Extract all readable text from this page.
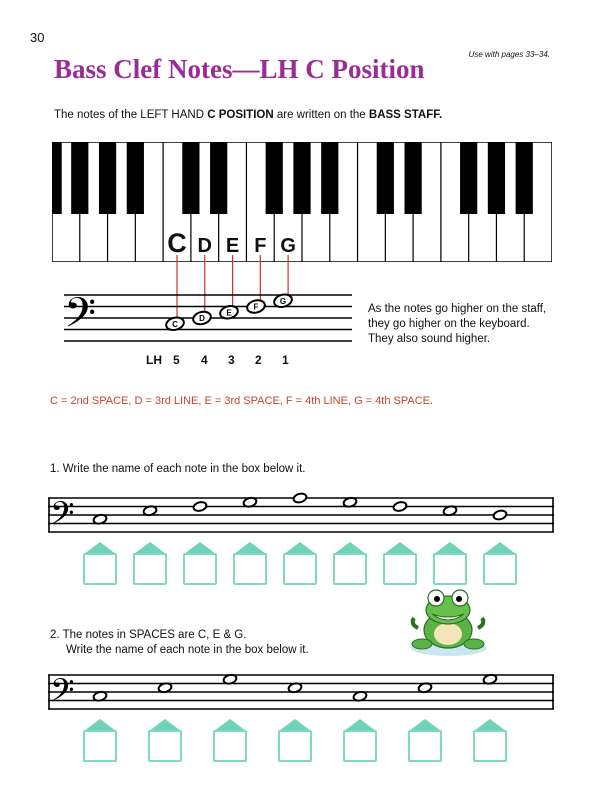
30
Use with pages 33–34.
Bass Clef Notes—LH C Position
The notes of the LEFT HAND C POSITION are written on the BASS STAFF.
C D E F G
𝄢	C
D
E
F
G
As the notes go higher on the staff,
they go higher on the keyboard.
They also sound higher.
LH 5 4 3 2 1
C = 2nd SPACE, D = 3rd LINE, E = 3rd SPACE, F = 4th LINE, G = 4th SPACE.
1. Write the name of each note in the box below it.
𝄢
2. The notes in SPACES are C, E & G.
Write the name of each note in the box below it.
𝄢
